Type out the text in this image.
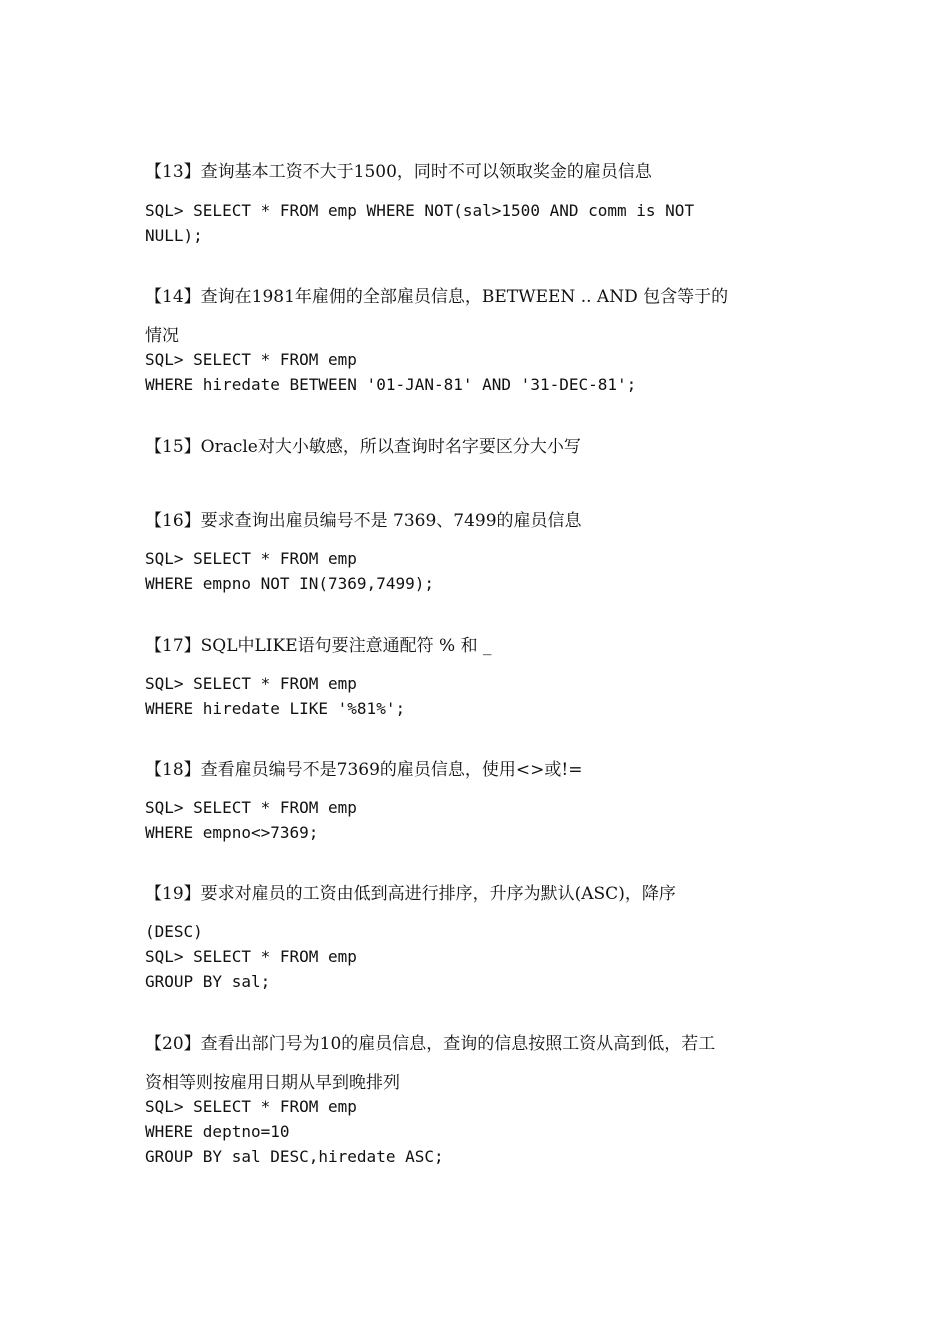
【13】查询基本工资不大于1500，同时不可以领取奖金的雇员信息

SQL> SELECT * FROM emp WHERE NOT(sal>1500 AND comm is NOT

NULL);

【14】查询在1981年雇佣的全部雇员信息，BETWEEN .. AND 包含等于的

情况

SQL> SELECT * FROM emp

WHERE hiredate BETWEEN '01-JAN-81' AND '31-DEC-81';

【15】Oracle对大小敏感，所以查询时名字要区分大小写

【16】要求查询出雇员编号不是 7369、7499的雇员信息

SQL> SELECT * FROM emp

WHERE empno NOT IN(7369,7499);

【17】SQL中LIKE语句要注意通配符 % 和 _

SQL> SELECT * FROM emp

WHERE hiredate LIKE '%81%';

【18】查看雇员编号不是7369的雇员信息，使用<>或!=

SQL> SELECT * FROM emp

WHERE empno<>7369;

【19】要求对雇员的工资由低到高进行排序，升序为默认(ASC)，降序

(DESC)

SQL> SELECT * FROM emp

GROUP BY sal;

【20】查看出部门号为10的雇员信息，查询的信息按照工资从高到低，若工

资相等则按雇用日期从早到晚排列

SQL> SELECT * FROM emp

WHERE deptno=10

GROUP BY sal DESC,hiredate ASC;
